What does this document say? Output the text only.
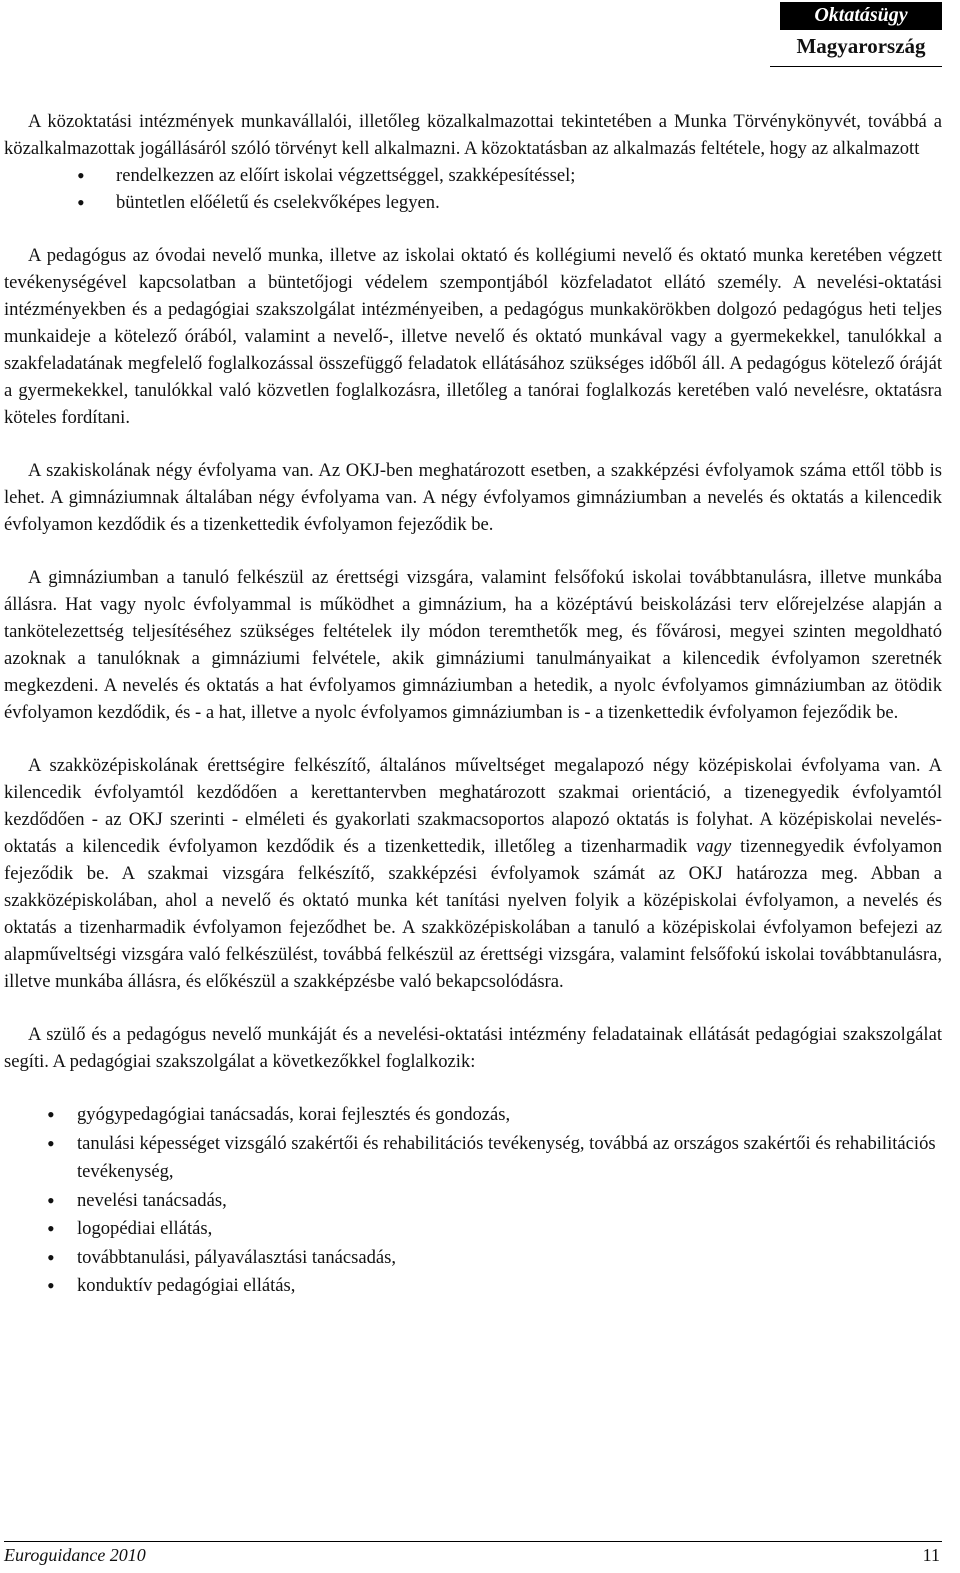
Oktatásügy
Magyarország

A közoktatási intézmények munkavállalói, illetőleg közalkalmazottai tekintetében a Munka Törvénykönyvét, továbbá a közalkalmazottak jogállásáról szóló törvényt kell alkalmazni. A közoktatásban az alkalmazás feltétele, hogy az alkalmazott

• rendelkezzen az előírt iskolai végzettséggel, szakképesítéssel;
• büntetlen előéletű és cselekvőképes legyen.

A pedagógus az óvodai nevelő munka, illetve az iskolai oktató és kollégiumi nevelő és oktató munka keretében végzett tevékenységével kapcsolatban a büntetőjogi védelem szempontjából közfeladatot ellátó személy. A nevelési-oktatási intézményekben és a pedagógiai szakszolgálat intézményeiben, a pedagógus munkakörökben dolgozó pedagógus heti teljes munkaideje a kötelező órából, valamint a nevelő-, illetve nevelő és oktató munkával vagy a gyermekekkel, tanulókkal a szakfeladatának megfelelő foglalkozással összefüggő feladatok ellátásához szükséges időből áll. A pedagógus kötelező óráját a gyermekekkel, tanulókkal való közvetlen foglalkozásra, illetőleg a tanórai foglalkozás keretében való nevelésre, oktatásra köteles fordítani.

A szakiskolának négy évfolyama van. Az OKJ-ben meghatározott esetben, a szakképzési évfolyamok száma ettől több is lehet. A gimnáziumnak általában négy évfolyama van. A négy évfolyamos gimnáziumban a nevelés és oktatás a kilencedik évfolyamon kezdődik és a tizenkettedik évfolyamon fejeződik be.

A gimnáziumban a tanuló felkészül az érettségi vizsgára, valamint felsőfokú iskolai továbbtanulásra, illetve munkába állásra. Hat vagy nyolc évfolyammal is működhet a gimnázium, ha a középtávú beiskolázási terv előrejelzése alapján a tankötelezettség teljesítéséhez szükséges feltételek ily módon teremthetők meg, és fővárosi, megyei szinten megoldható azoknak a tanulóknak a gimnáziumi felvétele, akik gimnáziumi tanulmányaikat a kilencedik évfolyamon szeretnék megkezdeni. A nevelés és oktatás a hat évfolyamos gimnáziumban a hetedik, a nyolc évfolyamos gimnáziumban az ötödik évfolyamon kezdődik, és - a hat, illetve a nyolc évfolyamos gimnáziumban is - a tizenkettedik évfolyamon fejeződik be.

A szakközépiskolának érettségire felkészítő, általános műveltséget megalapozó négy középiskolai évfolyama van. A kilencedik évfolyamtól kezdődően a kerettantervben meghatározott szakmai orientáció, a tizenegyedik évfolyamtól kezdődően - az OKJ szerinti - elméleti és gyakorlati szakmacsoportos alapozó oktatás is folyhat. A középiskolai nevelés-oktatás a kilencedik évfolyamon kezdődik és a tizenkettedik, illetőleg a tizenharmadik vagy tizennegyedik évfolyamon fejeződik be. A szakmai vizsgára felkészítő, szakképzési évfolyamok számát az OKJ határozza meg. Abban a szakközépiskolában, ahol a nevelő és oktató munka két tanítási nyelven folyik a középiskolai évfolyamon, a nevelés és oktatás a tizenharmadik évfolyamon fejeződhet be. A szakközépiskolában a tanuló a középiskolai évfolyamon befejezi az alapműveltségi vizsgára való felkészülést, továbbá felkészül az érettségi vizsgára, valamint felsőfokú iskolai továbbtanulásra, illetve munkába állásra, és előkészül a szakképzésbe való bekapcsolódásra.

A szülő és a pedagógus nevelő munkáját és a nevelési-oktatási intézmény feladatainak ellátását pedagógiai szakszolgálat segíti. A pedagógiai szakszolgálat a következőkkel foglalkozik:

• gyógypedagógiai tanácsadás, korai fejlesztés és gondozás,
• tanulási képességet vizsgáló szakértői és rehabilitációs tevékenység, továbbá az országos szakértői és rehabilitációs tevékenység,
• nevelési tanácsadás,
• logopédiai ellátás,
• továbbtanulási, pályaválasztási tanácsadás,
• konduktív pedagógiai ellátás,
Euroguidance 2010	11
